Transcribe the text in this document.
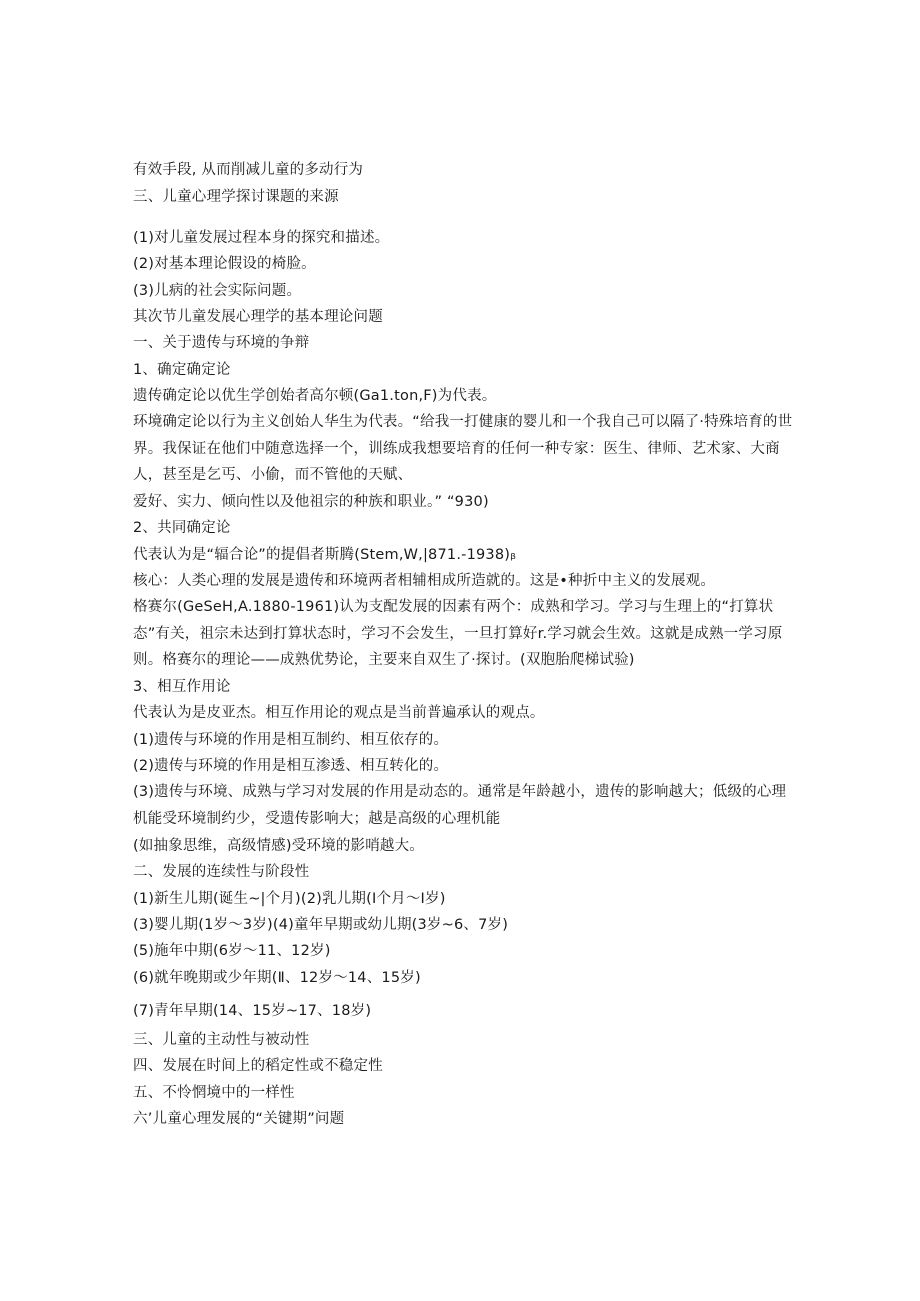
有效手段, 从而削减儿童的多动行为
三、儿童心理学探讨课题的来源
(1)对儿童发展过程本身的探究和描述。
(2)对基本理论假设的椅脸。
(3)儿病的社会实际问题。
其次节儿童发展心理学的基本理论问题
一、关于遗传与环境的争辩
1、确定确定论
遗传确定论以优生学创始者高尔顿(Ga1.ton,F)为代表。
环境确定论以行为主义创始人华生为代表。“给我一打健康的婴儿和一个我自己可以隔了·特殊培育的世界。我保证在他们中随意选择一个，训练成我想要培育的任何一种专家：医生、律师、艺术家、大商人，甚至是乞丐、小偷，而不管他的天赋、
爱好、实力、倾向性以及他祖宗的种族和职业。” “930)
2、共同确定论
代表认为是“辐合论”的提倡者斯腾(Stem,W,|871.-1938)ᵦ
核心：人类心理的发展是遗传和环境两者相辅相成所造就的。这是•种折中主义的发展观。
格赛尔(GeSeH,A.1880-1961)认为支配发展的因素有两个：成熟和学习。学习与生理上的“打算状态”有关，祖宗未达到打算状态时，学习不会发生，一旦打算好r.学习就会生效。这就是成熟一学习原则。格赛尔的理论——成熟优势论，主要来自双生了·探讨。(双胞胎爬梯试验)
3、相互作用论
代表认为是皮亚杰。相互作用论的观点是当前普遍承认的观点。
(1)遗传与环境的作用是相互制约、相互依存的。
(2)遗传与环境的作用是相互渗透、相互转化的。
(3)遗传与环境、成熟与学习对发展的作用是动态的。通常是年龄越小，遗传的影响越大；低级的心理机能受环境制约少，受遗传影响大；越是高级的心理机能
(如抽象思维，高级情感)受环境的影哨越大。
二、发展的连续性与阶段性
(1)新生儿期(诞生~|个月)(2)乳儿期(I个月～I岁)
(3)婴儿期(1岁～3岁)(4)童年早期或幼儿期(3岁~6、7岁)
(5)施年中期(6岁～11、12岁)
(6)就年晚期或少年期(Ⅱ、12岁～14、15岁)
(7)青年早期(14、15岁~17、18岁)
三、儿童的主动性与被动性
四、发展在时间上的稻定性或不稳定性
五、不怜惘境中的一样性
六’儿童心理发展的“关键期”问题
